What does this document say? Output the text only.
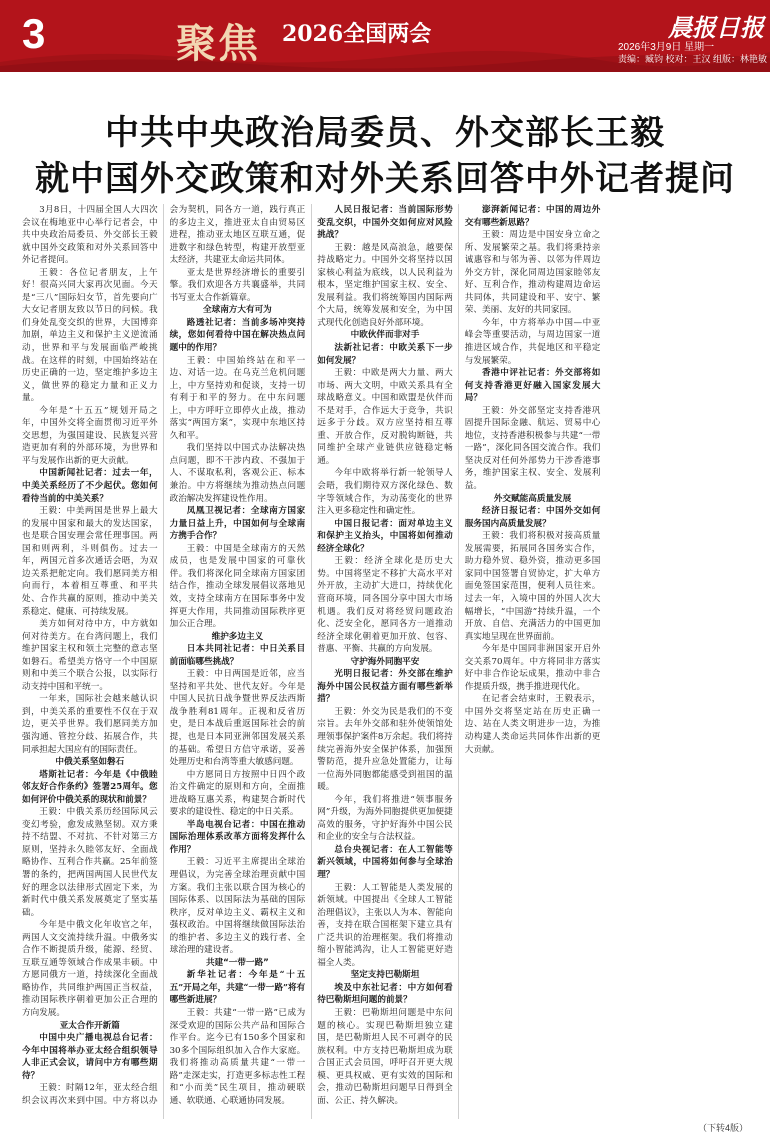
3	聚焦 2026全国两会	晨报日报
2026年3月9日 星期一
责编：臧钧 校对：王汉 组版：林艳敏
中共中央政治局委员、外交部长王毅
就中国外交政策和对外关系回答中外记者提问

3月8日，十四届全国人大四次会议在梅地亚中心举行记者会，中共中央政治局委员、外交部长王毅就中国外交政策和对外关系回答中外记者提问。

王毅：各位记者朋友，上午好！很高兴同大家再次见面。今天是“三八”国际妇女节，首先要向广大女记者朋友致以节日的问候。我们身处乱变交织的世界，大国博弈加剧，单边主义和保护主义逆流涌动，世界和平与发展面临严峻挑战。在这样的时刻，中国始终站在历史正确的一边，坚定维护多边主义，做世界的稳定力量和正义力量。

今年是“十五五”规划开局之年，中国外交将全面贯彻习近平外交思想，为强国建设、民族复兴营造更加有利的外部环境，为世界和平与发展作出新的更大贡献。

中国新闻社记者：过去一年，中美关系经历了不少起伏。您如何看待当前的中美关系？

王毅：中美两国是世界上最大的发展中国家和最大的发达国家，也是联合国安理会常任理事国。两国和则两利，斗则俱伤。过去一年，两国元首多次通话会晤，为双边关系把舵定向。我们愿同美方相向而行，本着相互尊重、和平共处、合作共赢的原则，推动中美关系稳定、健康、可持续发展。

美方如何对待中方，中方就如何对待美方。在台湾问题上，我们维护国家主权和领土完整的意志坚如磐石。希望美方恪守一个中国原则和中美三个联合公报，以实际行动支持中国和平统一。

一年来，国际社会越来越认识到，中美关系的重要性不仅在于双边，更关乎世界。我们愿同美方加强沟通、管控分歧、拓展合作，共同承担起大国应有的国际责任。

中俄关系坚如磐石

塔斯社记者：今年是《中俄睦邻友好合作条约》签署25周年。您如何评价中俄关系的现状和前景？

王毅：中俄关系历经国际风云变幻考验，愈发成熟坚韧。双方秉持不结盟、不对抗、不针对第三方原则，坚持永久睦邻友好、全面战略协作、互利合作共赢。25年前签署的条约，把两国两国人民世代友好的理念以法律形式固定下来，为新时代中俄关系发展奠定了坚实基础。

今年是中俄文化年收官之年，两国人文交流持续升温。中俄务实合作不断提质升级，能源、经贸、互联互通等领域合作成果丰硕。中方愿同俄方一道，持续深化全面战略协作，共同维护两国正当权益，推动国际秩序朝着更加公正合理的方向发展。

亚太合作开新篇

中国中央广播电视总台记者：今年中国将举办亚太经合组织领导人非正式会议，请问中方有哪些期待？

王毅：时隔12年，亚太经合组织会议再次来到中国。中方将以办会为契机，同各方一道，践行真正的多边主义，推进亚太自由贸易区进程，推动亚太地区互联互通，促进数字和绿色转型，构建开放型亚太经济，共建亚太命运共同体。

亚太是世界经济增长的重要引擎。我们欢迎各方共襄盛举，共同书写亚太合作新篇章。

全球南方大有可为

路透社记者：当前多场冲突持续，您如何看待中国在解决热点问题中的作用？

王毅：中国始终站在和平一边、对话一边。在乌克兰危机问题上，中方坚持劝和促谈，支持一切有利于和平的努力。在中东问题上，中方呼吁立即停火止战，推动落实“两国方案”，实现中东地区持久和平。

我们坚持以中国式办法解决热点问题，即不干涉内政、不强加于人、不谋取私利，客观公正、标本兼治。中方将继续为推动热点问题政治解决发挥建设性作用。

凤凰卫视记者：全球南方国家力量日益上升，中国如何与全球南方携手合作？

王毅：中国是全球南方的天然成员，也是发展中国家的可靠伙伴。我们将深化同全球南方国家团结合作，推动全球发展倡议落地见效，支持全球南方在国际事务中发挥更大作用，共同推动国际秩序更加公正合理。

维护多边主义

日本共同社记者：中日关系目前面临哪些挑战？

王毅：中日两国是近邻，应当坚持和平共处、世代友好。今年是中国人民抗日战争暨世界反法西斯战争胜利81周年。正视和反省历史，是日本战后重返国际社会的前提，也是日本同亚洲邻国发展关系的基础。希望日方信守承诺，妥善处理历史和台湾等重大敏感问题。

中方愿同日方按照中日四个政治文件确定的原则和方向，全面推进战略互惠关系，构建契合新时代要求的建设性、稳定的中日关系。

半岛电视台记者：中国在推动国际治理体系改革方面将发挥什么作用？

王毅：习近平主席提出全球治理倡议，为完善全球治理贡献中国方案。我们主张以联合国为核心的国际体系、以国际法为基础的国际秩序，反对单边主义、霸权主义和强权政治。中国将继续做国际法治的维护者、多边主义的践行者、全球治理的建设者。

共建“一带一路”

新华社记者：今年是“十五五”开局之年，共建“一带一路”将有哪些新进展？

王毅：共建“一带一路”已成为深受欢迎的国际公共产品和国际合作平台。迄今已有150多个国家和30多个国际组织加入合作大家庭。我们将推动高质量共建“一带一路”走深走实，打造更多标志性工程和“小而美”民生项目，推动硬联通、软联通、心联通协同发展。

人民日报记者：当前国际形势变乱交织，中国外交如何应对风险挑战？

王毅：越是风高浪急，越要保持战略定力。中国外交将坚持以国家核心利益为底线，以人民利益为根本，坚定维护国家主权、安全、发展利益。我们将统筹国内国际两个大局，统筹发展和安全，为中国式现代化创造良好外部环境。

中欧伙伴而非对手

法新社记者：中欧关系下一步如何发展？

王毅：中欧是两大力量、两大市场、两大文明，中欧关系具有全球战略意义。中国和欧盟是伙伴而不是对手，合作远大于竞争，共识远多于分歧。双方应坚持相互尊重、开放合作，反对脱钩断链，共同维护全球产业链供应链稳定畅通。

今年中欧将举行新一轮领导人会晤，我们期待双方深化绿色、数字等领域合作，为动荡变化的世界注入更多稳定性和确定性。

中国日报记者：面对单边主义和保护主义抬头，中国将如何推动经济全球化？

王毅：经济全球化是历史大势。中国将坚定不移扩大高水平对外开放，主动扩大进口，持续优化营商环境，同各国分享中国大市场机遇。我们反对将经贸问题政治化、泛安全化，愿同各方一道推动经济全球化朝着更加开放、包容、普惠、平衡、共赢的方向发展。

守护海外同胞平安

光明日报记者：外交部在维护海外中国公民权益方面有哪些新举措？

王毅：外交为民是我们的不变宗旨。去年外交部和驻外使领馆处理领事保护案件8万余起。我们将持续完善海外安全保护体系，加强预警防范，提升应急处置能力，让每一位海外同胞都能感受到祖国的温暖。

今年，我们将推进“领事服务网”升级，为海外同胞提供更加便捷高效的服务，守护好海外中国公民和企业的安全与合法权益。

总台央视记者：在人工智能等新兴领域，中国将如何参与全球治理？

王毅：人工智能是人类发展的新领域。中国提出《全球人工智能治理倡议》，主张以人为本、智能向善，支持在联合国框架下建立具有广泛共识的治理框架。我们将推动缩小智能鸿沟，让人工智能更好造福全人类。

坚定支持巴勒斯坦

埃及中东社记者：中方如何看待巴勒斯坦问题的前景？

王毅：巴勒斯坦问题是中东问题的核心。实现巴勒斯坦独立建国，是巴勒斯坦人民不可剥夺的民族权利。中方支持巴勒斯坦成为联合国正式会员国，呼吁召开更大规模、更具权威、更有实效的国际和会，推动巴勒斯坦问题早日得到全面、公正、持久解决。

澎湃新闻记者：中国的周边外交有哪些新思路？

王毅：周边是中国安身立命之所、发展繁荣之基。我们将秉持亲诚惠容和与邻为善、以邻为伴周边外交方针，深化同周边国家睦邻友好、互利合作，推动构建周边命运共同体，共同建设和平、安宁、繁荣、美丽、友好的共同家园。

今年，中方将举办中国—中亚峰会等重要活动，与周边国家一道推进区域合作，共促地区和平稳定与发展繁荣。

香港中评社记者：外交部将如何支持香港更好融入国家发展大局？

王毅：外交部坚定支持香港巩固提升国际金融、航运、贸易中心地位，支持香港积极参与共建“一带一路”，深化同各国交流合作。我们坚决反对任何外部势力干涉香港事务，维护国家主权、安全、发展利益。

外交赋能高质量发展

经济日报记者：中国外交如何服务国内高质量发展？

王毅：我们将积极对接高质量发展需要，拓展同各国务实合作，助力稳外贸、稳外资，推动更多国家同中国签署自贸协定，扩大单方面免签国家范围，便利人员往来。过去一年，入境中国的外国人次大幅增长，“中国游”持续升温，一个开放、自信、充满活力的中国更加真实地呈现在世界面前。

今年是中国同非洲国家开启外交关系70周年。中方将同非方落实好中非合作论坛成果，推动中非合作提质升级，携手推进现代化。

在记者会结束时，王毅表示，中国外交将坚定站在历史正确一边、站在人类文明进步一边，为推动构建人类命运共同体作出新的更大贡献。

（下转4版）
